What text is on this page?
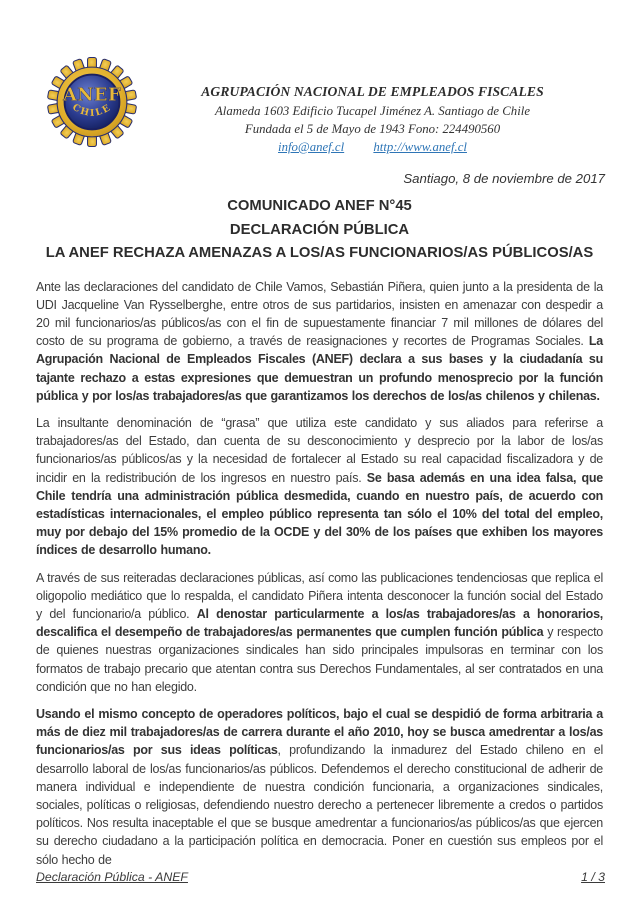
ANEF
CHILE
AGRUPACIÓN NACIONAL DE EMPLEADOS FISCALES
Alameda 1603 Edificio Tucapel Jiménez A. Santiago de Chile
Fundada el 5 de Mayo de 1943 Fono: 224490560
info@anef.cl http://www.anef.cl
Santiago, 8 de noviembre de 2017
COMUNICADO ANEF N°45
DECLARACIÓN PÚBLICA
LA ANEF RECHAZA AMENAZAS A LOS/AS FUNCIONARIOS/AS PÚBLICOS/AS

Ante las declaraciones del candidato de Chile Vamos, Sebastián Piñera, quien junto a la presidenta de la UDI Jacqueline Van Rysselberghe, entre otros de sus partidarios, insisten en amenazar con despedir a 20 mil funcionarios/as públicos/as con el fin de supuestamente financiar 7 mil millones de dólares del costo de su programa de gobierno, a través de reasignaciones y recortes de Programas Sociales. La Agrupación Nacional de Empleados Fiscales (ANEF) declara a sus bases y la ciudadanía su tajante rechazo a estas expresiones que demuestran un profundo menosprecio por la función pública y por los/as trabajadores/as que garantizamos los derechos de los/as chilenos y chilenas.

La insultante denominación de “grasa” que utiliza este candidato y sus aliados para referirse a trabajadores/as del Estado, dan cuenta de su desconocimiento y desprecio por la labor de los/as funcionarios/as públicos/as y la necesidad de fortalecer al Estado su real capacidad fiscalizadora y de incidir en la redistribución de los ingresos en nuestro país. Se basa además en una idea falsa, que Chile tendría una administración pública desmedida, cuando en nuestro país, de acuerdo con estadísticas internacionales, el empleo público representa tan sólo el 10% del total del empleo, muy por debajo del 15% promedio de la OCDE y del 30% de los países que exhiben los mayores índices de desarrollo humano.

A través de sus reiteradas declaraciones públicas, así como las publicaciones tendenciosas que replica el oligopolio mediático que lo respalda, el candidato Piñera intenta desconocer la función social del Estado y del funcionario/a público. Al denostar particularmente a los/as trabajadores/as a honorarios, descalifica el desempeño de trabajadores/as permanentes que cumplen función pública y respecto de quienes nuestras organizaciones sindicales han sido principales impulsoras en terminar con los formatos de trabajo precario que atentan contra sus Derechos Fundamentales, al ser contratados en una condición que no han elegido.

Usando el mismo concepto de operadores políticos, bajo el cual se despidió de forma arbitraria a más de diez mil trabajadores/as de carrera durante el año 2010, hoy se busca amedrentar a los/as funcionarios/as por sus ideas políticas, profundizando la inmadurez del Estado chileno en el desarrollo laboral de los/as funcionarios/as públicos. Defendemos el derecho constitucional de adherir de manera individual e independiente de nuestra condición funcionaria, a organizaciones sindicales, sociales, políticas o religiosas, defendiendo nuestro derecho a pertenecer libremente a credos o partidos políticos. Nos resulta inaceptable el que se busque amedrentar a funcionarios/as públicos/as que ejercen su derecho ciudadano a la participación política en democracia. Poner en cuestión sus empleos por el sólo hecho de

Declaración Pública - ANEF	1 / 3
